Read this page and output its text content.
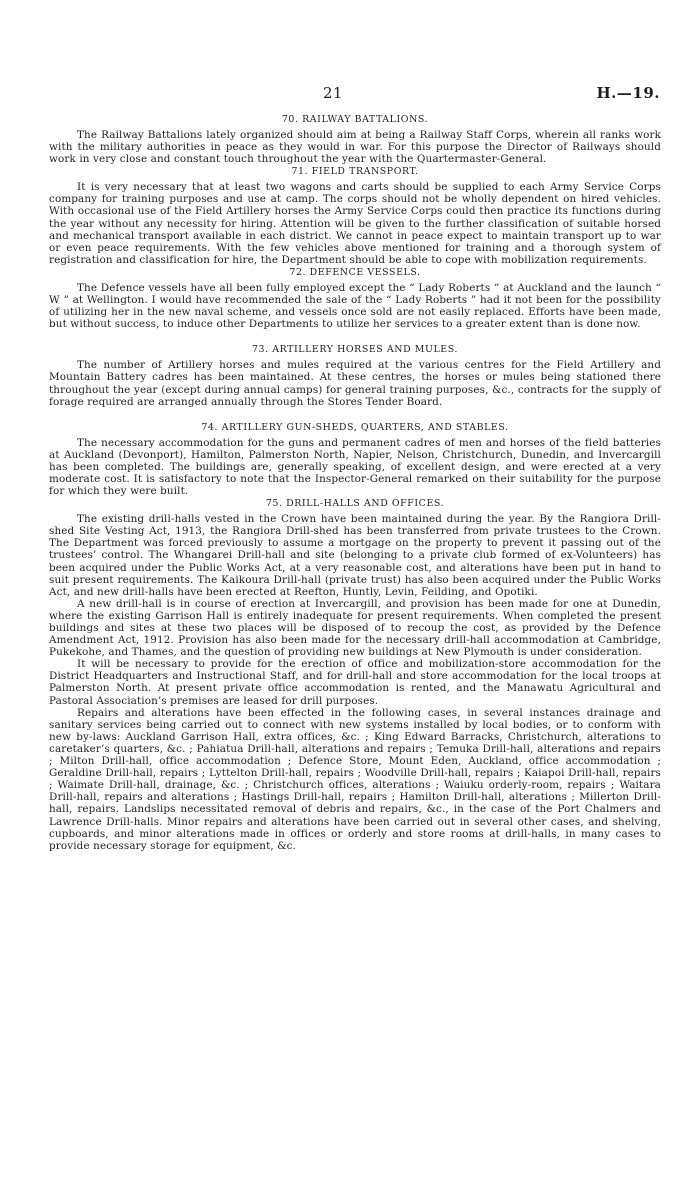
21	H.—19.
70. RAILWAY BATTALIONS.

The Railway Battalions lately organized should aim at being a Railway Staff Corps, wherein all ranks work with the military authorities in peace as they would in war. For this purpose the Director of Railways should work in very close and constant touch throughout the year with the Quartermaster-General.

71. FIELD TRANSPORT.

It is very necessary that at least two wagons and carts should be supplied to each Army Service Corps company for training purposes and use at camp. The corps should not be wholly dependent on hired vehicles. With occasional use of the Field Artillery horses the Army Service Corps could then practice its functions during the year without any necessity for hiring. Attention will be given to the further classification of suitable horsed and mechanical transport available in each district. We cannot in peace expect to maintain transport up to war or even peace requirements. With the few vehicles above mentioned for training and a thorough system of registration and classification for hire, the Department should be able to cope with mobilization requirements.

72. DEFENCE VESSELS.

The Defence vessels have all been fully employed except the “ Lady Roberts ” at Auckland and the launch “ W ” at Wellington. I would have recommended the sale of the “ Lady Roberts ” had it not been for the possibility of utilizing her in the new naval scheme, and vessels once sold are not easily replaced. Efforts have been made, but without success, to induce other Departments to utilize her services to a greater extent than is done now.

73. ARTILLERY HORSES AND MULES.

The number of Artillery horses and mules required at the various centres for the Field Artillery and Mountain Battery cadres has been maintained. At these centres, the horses or mules being stationed there throughout the year (except during annual camps) for general training purposes, &c., contracts for the supply of forage required are arranged annually through the Stores Tender Board.

74. ARTILLERY GUN-SHEDS, QUARTERS, AND STABLES.

The necessary accommodation for the guns and permanent cadres of men and horses of the field batteries at Auckland (Devonport), Hamilton, Palmerston North, Napier, Nelson, Christchurch, Dunedin, and Invercargill has been completed. The buildings are, generally speaking, of excellent design, and were erected at a very moderate cost. It is satisfactory to note that the Inspector-General remarked on their suitability for the purpose for which they were built.

75. DRILL-HALLS AND OFFICES.

The existing drill-halls vested in the Crown have been maintained during the year. By the Rangiora Drill-shed Site Vesting Act, 1913, the Rangiora Drill-shed has been transferred from private trustees to the Crown. The Department was forced previously to assume a mortgage on the property to prevent it passing out of the trustees’ control. The Whangarei Drill-hall and site (belonging to a private club formed of ex-Volunteers) has been acquired under the Public Works Act, at a very reasonable cost, and alterations have been put in hand to suit present requirements. The Kaikoura Drill-hall (private trust) has also been acquired under the Public Works Act, and new drill-halls have been erected at Reefton, Huntly, Levin, Feilding, and Opotiki.

A new drill-hall is in course of erection at Invercargill, and provision has been made for one at Dunedin, where the existing Garrison Hall is entirely inadequate for present requirements. When completed the present buildings and sites at these two places will be disposed of to recoup the cost, as provided by the Defence Amendment Act, 1912. Provision has also been made for the necessary drill-hall accommodation at Cambridge, Pukekohe, and Thames, and the question of providing new buildings at New Plymouth is under consideration.

It will be necessary to provide for the erection of office and mobilization-store accommodation for the District Headquarters and Instructional Staff, and for drill-hall and store accommodation for the local troops at Palmerston North. At present private office accommodation is rented, and the Manawatu Agricultural and Pastoral Association’s premises are leased for drill purposes.

Repairs and alterations have been effected in the following cases, in several instances drainage and sanitary services being carried out to connect with new systems installed by local bodies, or to conform with new by-laws: Auckland Garrison Hall, extra offices, &c. ; King Edward Barracks, Christchurch, alterations to caretaker’s quarters, &c. ; Pahiatua Drill-hall, alterations and repairs ; Temuka Drill-hall, alterations and repairs ; Milton Drill-hall, office accommodation ; Defence Store, Mount Eden, Auckland, office accommodation ; Geraldine Drill-hall, repairs ; Lyttelton Drill-hall, repairs ; Woodville Drill-hall, repairs ; Kaiapoi Drill-hall, repairs ; Waimate Drill-hall, drainage, &c. ; Christchurch offices, alterations ; Waiuku orderly-room, repairs ; Waitara Drill-hall, repairs and alterations ; Hastings Drill-hall, repairs ; Hamilton Drill-hall, alterations ; Millerton Drill-hall, repairs. Landslips necessitated removal of debris and repairs, &c., in the case of the Port Chalmers and Lawrence Drill-halls. Minor repairs and alterations have been carried out in several other cases, and shelving, cupboards, and minor alterations made in offices or orderly and store rooms at drill-halls, in many cases to provide necessary storage for equipment, &c.
